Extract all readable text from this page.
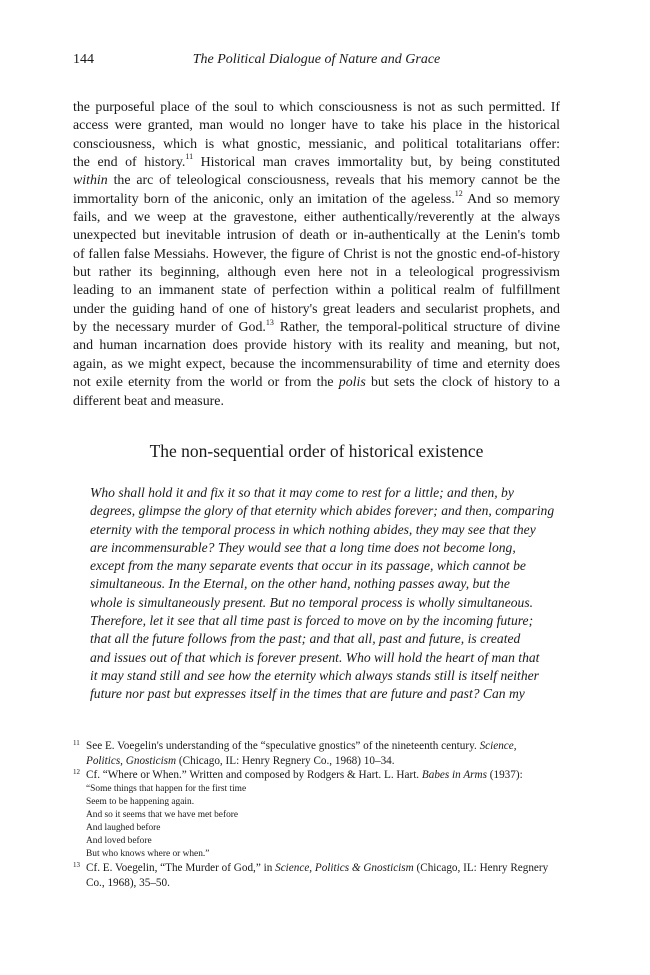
144	The Political Dialogue of Nature and Grace
the purposeful place of the soul to which consciousness is not as such permitted. If
access were granted, man would no longer have to take his place in the historical
consciousness, which is what gnostic, messianic, and political totalitarians offer:
the end of history.$^{11}$ Historical man craves immortality but, by being constituted
within the arc of teleological consciousness, reveals that his memory cannot be the
immortality born of the aniconic, only an imitation of the ageless.$^{12}$ And so memory
fails, and we weep at the gravestone, either authentically/reverently at the always
unexpected but inevitable intrusion of death or in-authentically at the Lenin's tomb
of fallen false Messiahs. However, the figure of Christ is not the gnostic end-of-history
but rather its beginning, although even here not in a teleological progressivism
leading to an immanent state of perfection within a political realm of fulfillment
under the guiding hand of one of history's great leaders and secularist prophets, and
by the necessary murder of God.$^{13}$ Rather, the temporal-political structure of divine
and human incarnation does provide history with its reality and meaning, but not,
again, as we might expect, because the incommensurability of time and eternity does
not exile eternity from the world or from the polis but sets the clock of history to a
different beat and measure.
The non-sequential order of historical existence
Who shall hold it and fix it so that it may come to rest for a little; and then, by
degrees, glimpse the glory of that eternity which abides forever; and then, comparing
eternity with the temporal process in which nothing abides, they may see that they
are incommensurable? They would see that a long time does not become long,
except from the many separate events that occur in its passage, which cannot be
simultaneous. In the Eternal, on the other hand, nothing passes away, but the
whole is simultaneously present. But no temporal process is wholly simultaneous.
Therefore, let it see that all time past is forced to move on by the incoming future;
that all the future follows from the past; and that all, past and future, is created
and issues out of that which is forever present. Who will hold the heart of man that
it may stand still and see how the eternity which always stands still is itself neither
future nor past but expresses itself in the times that are future and past? Can my
11 See E. Voegelin's understanding of the “speculative gnostics” of the nineteenth century. Science,
Politics, Gnosticism (Chicago, IL: Henry Regnery Co., 1968) 10–34.
12 Cf. “Where or When.” Written and composed by Rodgers & Hart. L. Hart. Babes in Arms (1937):
“Some things that happen for the first time
Seem to be happening again.
And so it seems that we have met before
And laughed before
And loved before
But who knows where or when.”
13 Cf. E. Voegelin, “The Murder of God,” in Science, Politics & Gnosticism (Chicago, IL: Henry Regnery
Co., 1968), 35–50.
